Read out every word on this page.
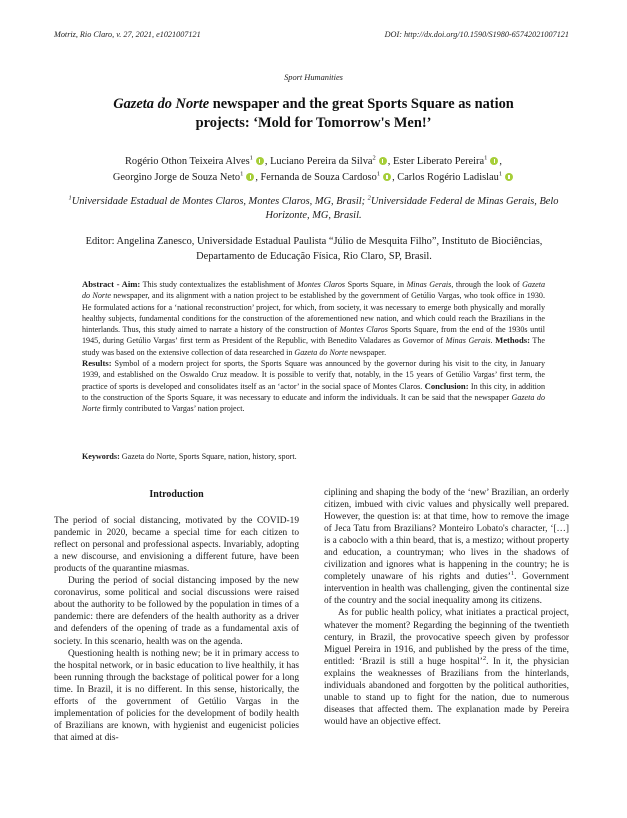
Motriz, Rio Claro, v. 27, 2021, e1021007121	DOI: http://dx.doi.org/10.1590/S1980-65742021007121
Sport Humanities
Gazeta do Norte newspaper and the great Sports Square as nation
projects: ‘Mold for Tomorrow's Men!’
Rogério Othon Teixeira Alves$^1$ , Luciano Pereira da Silva$^2$ , Ester Liberato Pereira$^1$ ,
Georgino Jorge de Souza Neto$^1$ , Fernanda de Souza Cardoso$^1$ , Carlos Rogério Ladislau$^1$
$^1$Universidade Estadual de Montes Claros, Montes Claros, MG, Brasil; $^2$Universidade Federal de Minas Gerais, Belo Horizonte, MG, Brasil.
Editor: Angelina Zanesco, Universidade Estadual Paulista “Júlio de Mesquita Filho”, Instituto de Biociências, Departamento de Educação Física, Rio Claro, SP, Brasil.
Abstract - Aim: This study contextualizes the establishment of Montes Claros Sports Square, in Minas Gerais, through the look of Gazeta do Norte newspaper, and its alignment with a nation project to be established by the government of Getúlio Vargas, who took office in 1930. He formulated actions for a ‘national reconstruction’ project, for which, from society, it was necessary to emerge both physically and morally healthy subjects, fundamental conditions for the construction of the aforementioned new nation, and which could reach the Brazilians in the hinterlands. Thus, this study aimed to narrate a history of the construction of Montes Claros Sports Square, from the end of the 1930s until 1945, during Getúlio Vargas’ first term as President of the Republic, with Benedito Valadares as Governor of Minas Gerais. Methods: The study was based on the extensive collection of data researched in Gazeta do Norte newspaper.
Results: Symbol of a modern project for sports, the Sports Square was announced by the governor during his visit to the city, in January 1939, and established on the Oswaldo Cruz meadow. It is possible to verify that, notably, in the 15 years of Getúlio Vargas’ first term, the practice of sports is developed and consolidates itself as an ‘actor’ in the social space of Montes Claros. Conclusion: In this city, in addition to the construction of the Sports Square, it was necessary to educate and inform the individuals. It can be said that the newspaper Gazeta do Norte firmly contributed to Vargas’ nation project.
Keywords: Gazeta do Norte, Sports Square, nation, history, sport.
Introduction

The period of social distancing, motivated by the COVID-19 pandemic in 2020, became a special time for each citizen to reflect on personal and professional aspects. Invariably, adopting a new discourse, and envisioning a different future, have been products of the quarantine miasmas.

During the period of social distancing imposed by the new coronavirus, some political and social discussions were raised about the authority to be followed by the population in times of a pandemic: there are defenders of the health authority as a driver and defenders of the opening of trade as a fundamental axis of society. In this scenario, health was on the agenda.

Questioning health is nothing new; be it in primary access to the hospital network, or in basic education to live healthily, it has been running through the backstage of political power for a long time. In Brazil, it is no different. In this sense, historically, the efforts of the government of Getúlio Vargas in the implementation of policies for the development of bodily health of Brazilians are known, with hygienist and eugenicist policies that aimed at dis-

ciplining and shaping the body of the ‘new’ Brazilian, an orderly citizen, imbued with civic values and physically well prepared. However, the question is: at that time, how to remove the image of Jeca Tatu from Brazilians? Monteiro Lobato's character, ‘[…] is a caboclo with a thin beard, that is, a mestizo; without property and education, a countryman; who lives in the shadows of civilization and ignores what is happening in the country; he is completely unaware of his rights and duties’$^1$. Government intervention in health was challenging, given the continental size of the country and the social inequality among its citizens.

As for public health policy, what initiates a practical project, whatever the moment? Regarding the beginning of the twentieth century, in Brazil, the provocative speech given by professor Miguel Pereira in 1916, and published by the press of the time, entitled: ‘Brazil is still a huge hospital’$^2$. In it, the physician explains the weaknesses of Brazilians from the hinterlands, individuals abandoned and forgotten by the political authorities, unable to stand up to fight for the nation, due to numerous diseases that affected them. The explanation made by Pereira would have an objective effect.
